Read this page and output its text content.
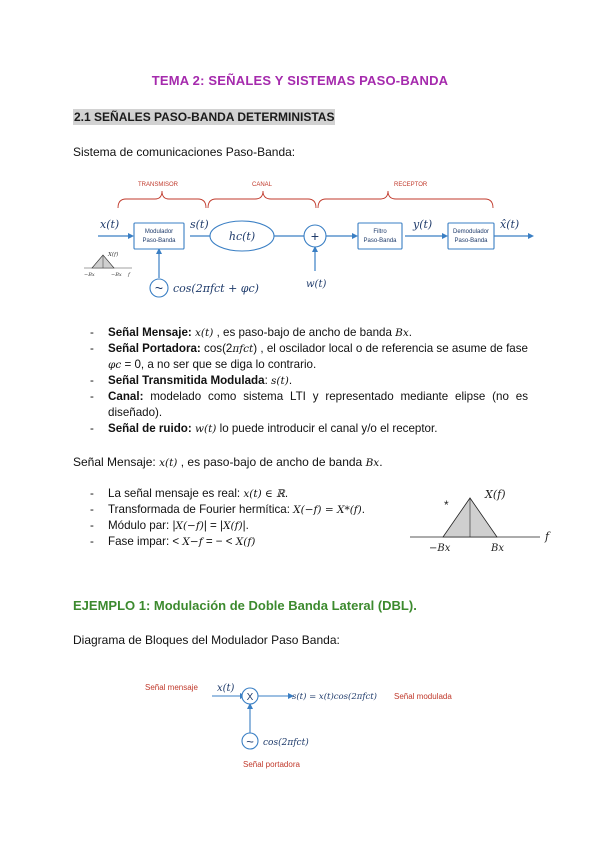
TEMA 2: SEÑALES Y SISTEMAS PASO-BANDA
2.1 SEÑALES PASO-BANDA DETERMINISTAS
Sistema de comunicaciones Paso-Banda:
TRANSMISOR	CANAL	RECEPTOR
Modulador
Paso-Banda	hc(t)	+	Filtro
Paso-Banda
Demodulador
Paso-Banda
x(t)	s(t)	y(t)	x̂(t)
w(t)
~ cos(2πfct + φc)
X(f)
−Bx	−Bx f
- Señal Mensaje: x(t) , es paso-bajo de ancho de banda Bx.
- Señal Portadora: cos(2πfct) , el oscilador local o de referencia se asume de fase φc = 0, a no ser que se diga lo contrario.
- Señal Transmitida Modulada: s(t).
- Canal: modelado como sistema LTI y representado mediante elipse (no es diseñado).
- Señal de ruido: w(t) lo puede introducir el canal y/o el receptor.
Señal Mensaje: x(t) , es paso-bajo de ancho de banda Bx.
- La señal mensaje es real: x(t) ∈ ℝ.
- Transformada de Fourier hermítica: X(−f) = X*(f).
- Módulo par: |X(−f)| = |X(f)|.
- Fase impar: < X−f = − < X(f)
*
X(f)
−Bx	Bx
f
EJEMPLO 1: Modulación de Doble Banda Lateral (DBL).
Diagrama de Bloques del Modulador Paso Banda:
Señal mensaje x(t)
X	s(t) = x(t)cos(2πfct) Señal modulada
~ cos(2πfct)
Señal portadora
